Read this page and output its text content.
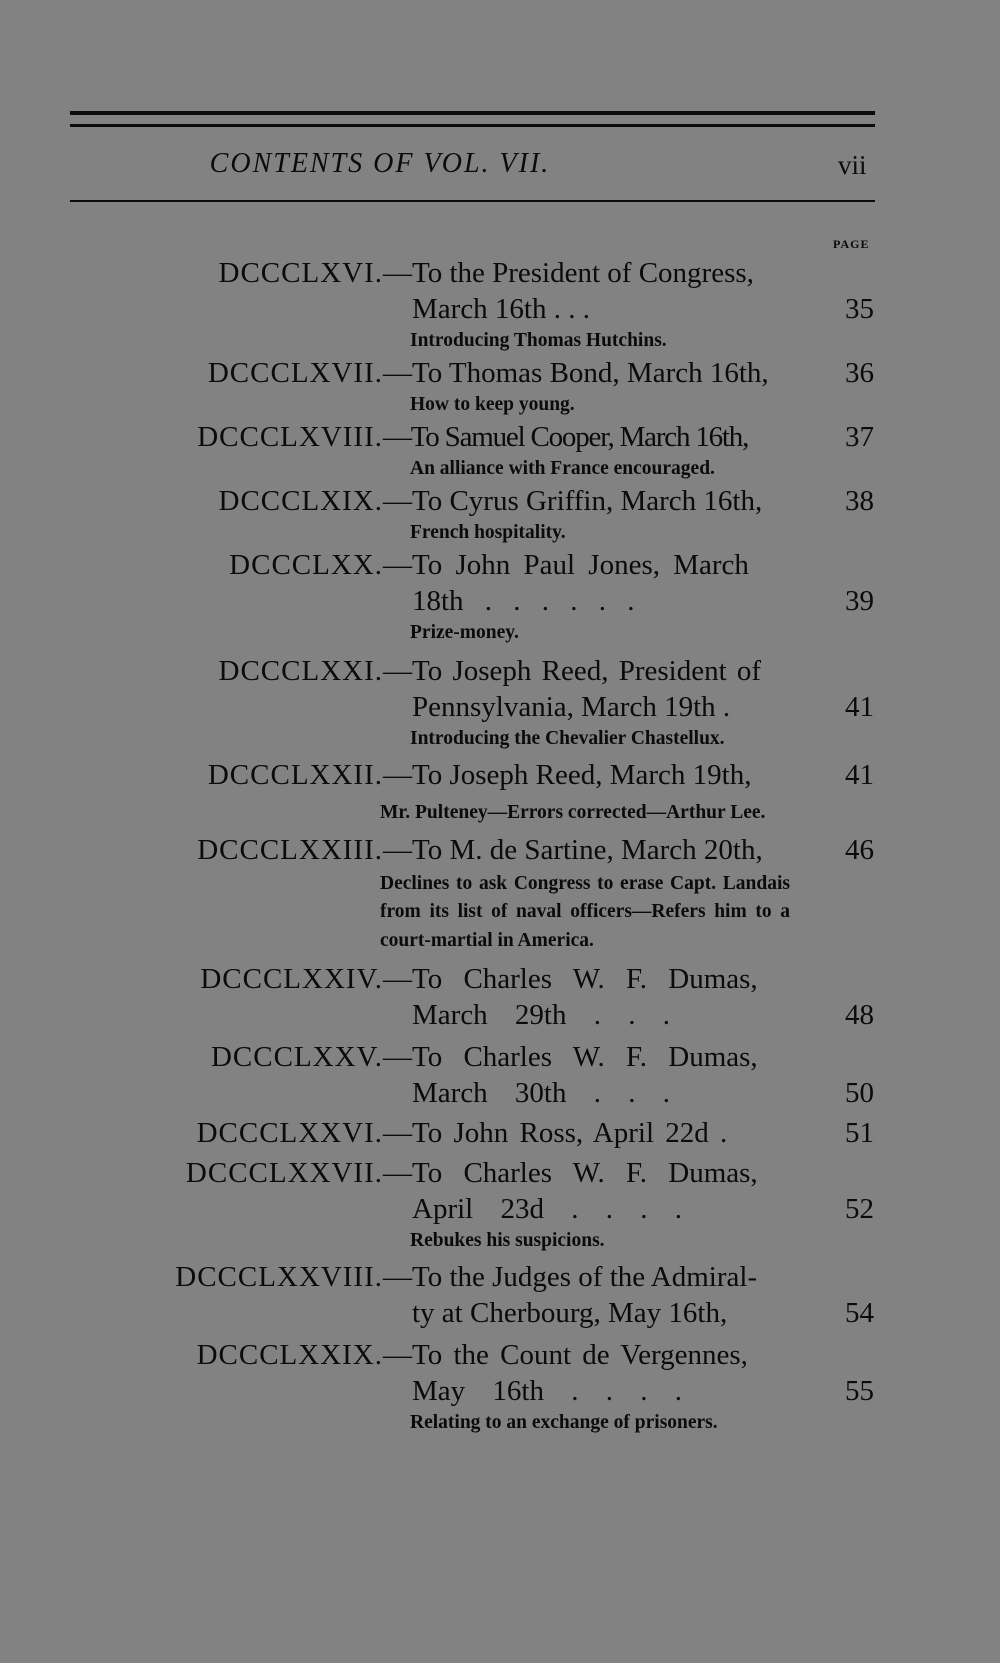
CONTENTS OF VOL. VII.	vii
PAGE
DCCCLXVI. —To the President of Congress,
March 16th . . .	35
Introducing Thomas Hutchins.
DCCCLXVII. —To Thomas Bond, March 16th,	36
How to keep young.
DCCCLXVIII. —To Samuel Cooper, March 16th,	37
An alliance with France encouraged.
DCCCLXIX. —To Cyrus Griffin, March 16th,	38
French hospitality.
DCCCLXX. —To John Paul Jones, March
18th . . . . . .	39
Prize-money.
DCCCLXXI. —To Joseph Reed, President of
Pennsylvania, March 19th .	41
Introducing the Chevalier Chastellux.
DCCCLXXII. —To Joseph Reed, March 19th,	41
Mr. Pulteney—Errors corrected—Arthur Lee.
DCCCLXXIII. —To M. de Sartine, March 20th,	46
Declines to ask Congress to erase Capt. Landais from its list of naval officers—Refers him to a court-martial in America.
DCCCLXXIV. —To Charles W. F. Dumas,
March 29th . . .	48
DCCCLXXV. —To Charles W. F. Dumas,
March 30th . . .	50
DCCCLXXVI. —To John Ross, April 22d .	51
DCCCLXXVII. —To Charles W. F. Dumas,
April 23d . . . .	52
Rebukes his suspicions.
DCCCLXXVIII. —To the Judges of the Admiral-
ty at Cherbourg, May 16th,	54
DCCCLXXIX. —To the Count de Vergennes,
May 16th . . . .	55
Relating to an exchange of prisoners.
